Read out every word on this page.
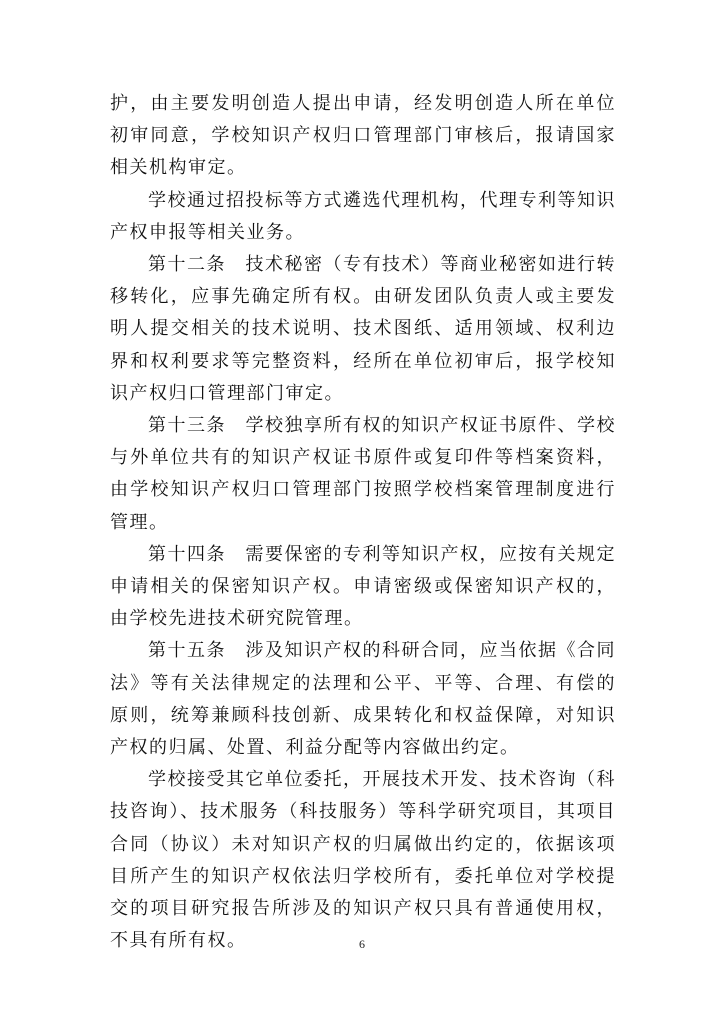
护，由主要发明创造人提出申请，经发明创造人所在单位初审同意，学校知识产权归口管理部门审核后，报请国家相关机构审定。

学校通过招投标等方式遴选代理机构，代理专利等知识产权申报等相关业务。

第十二条　技术秘密（专有技术）等商业秘密如进行转移转化，应事先确定所有权。由研发团队负责人或主要发明人提交相关的技术说明、技术图纸、适用领域、权利边界和权利要求等完整资料，经所在单位初审后，报学校知识产权归口管理部门审定。

第十三条　学校独享所有权的知识产权证书原件、学校与外单位共有的知识产权证书原件或复印件等档案资料，由学校知识产权归口管理部门按照学校档案管理制度进行管理。

第十四条　需要保密的专利等知识产权，应按有关规定申请相关的保密知识产权。申请密级或保密知识产权的，由学校先进技术研究院管理。

第十五条　涉及知识产权的科研合同，应当依据《合同法》等有关法律规定的法理和公平、平等、合理、有偿的原则，统筹兼顾科技创新、成果转化和权益保障，对知识产权的归属、处置、利益分配等内容做出约定。

学校接受其它单位委托，开展技术开发、技术咨询（科技咨询）、技术服务（科技服务）等科学研究项目，其项目合同（协议）未对知识产权的归属做出约定的，依据该项目所产生的知识产权依法归学校所有，委托单位对学校提交的项目研究报告所涉及的知识产权只具有普通使用权，不具有所有权。	6
